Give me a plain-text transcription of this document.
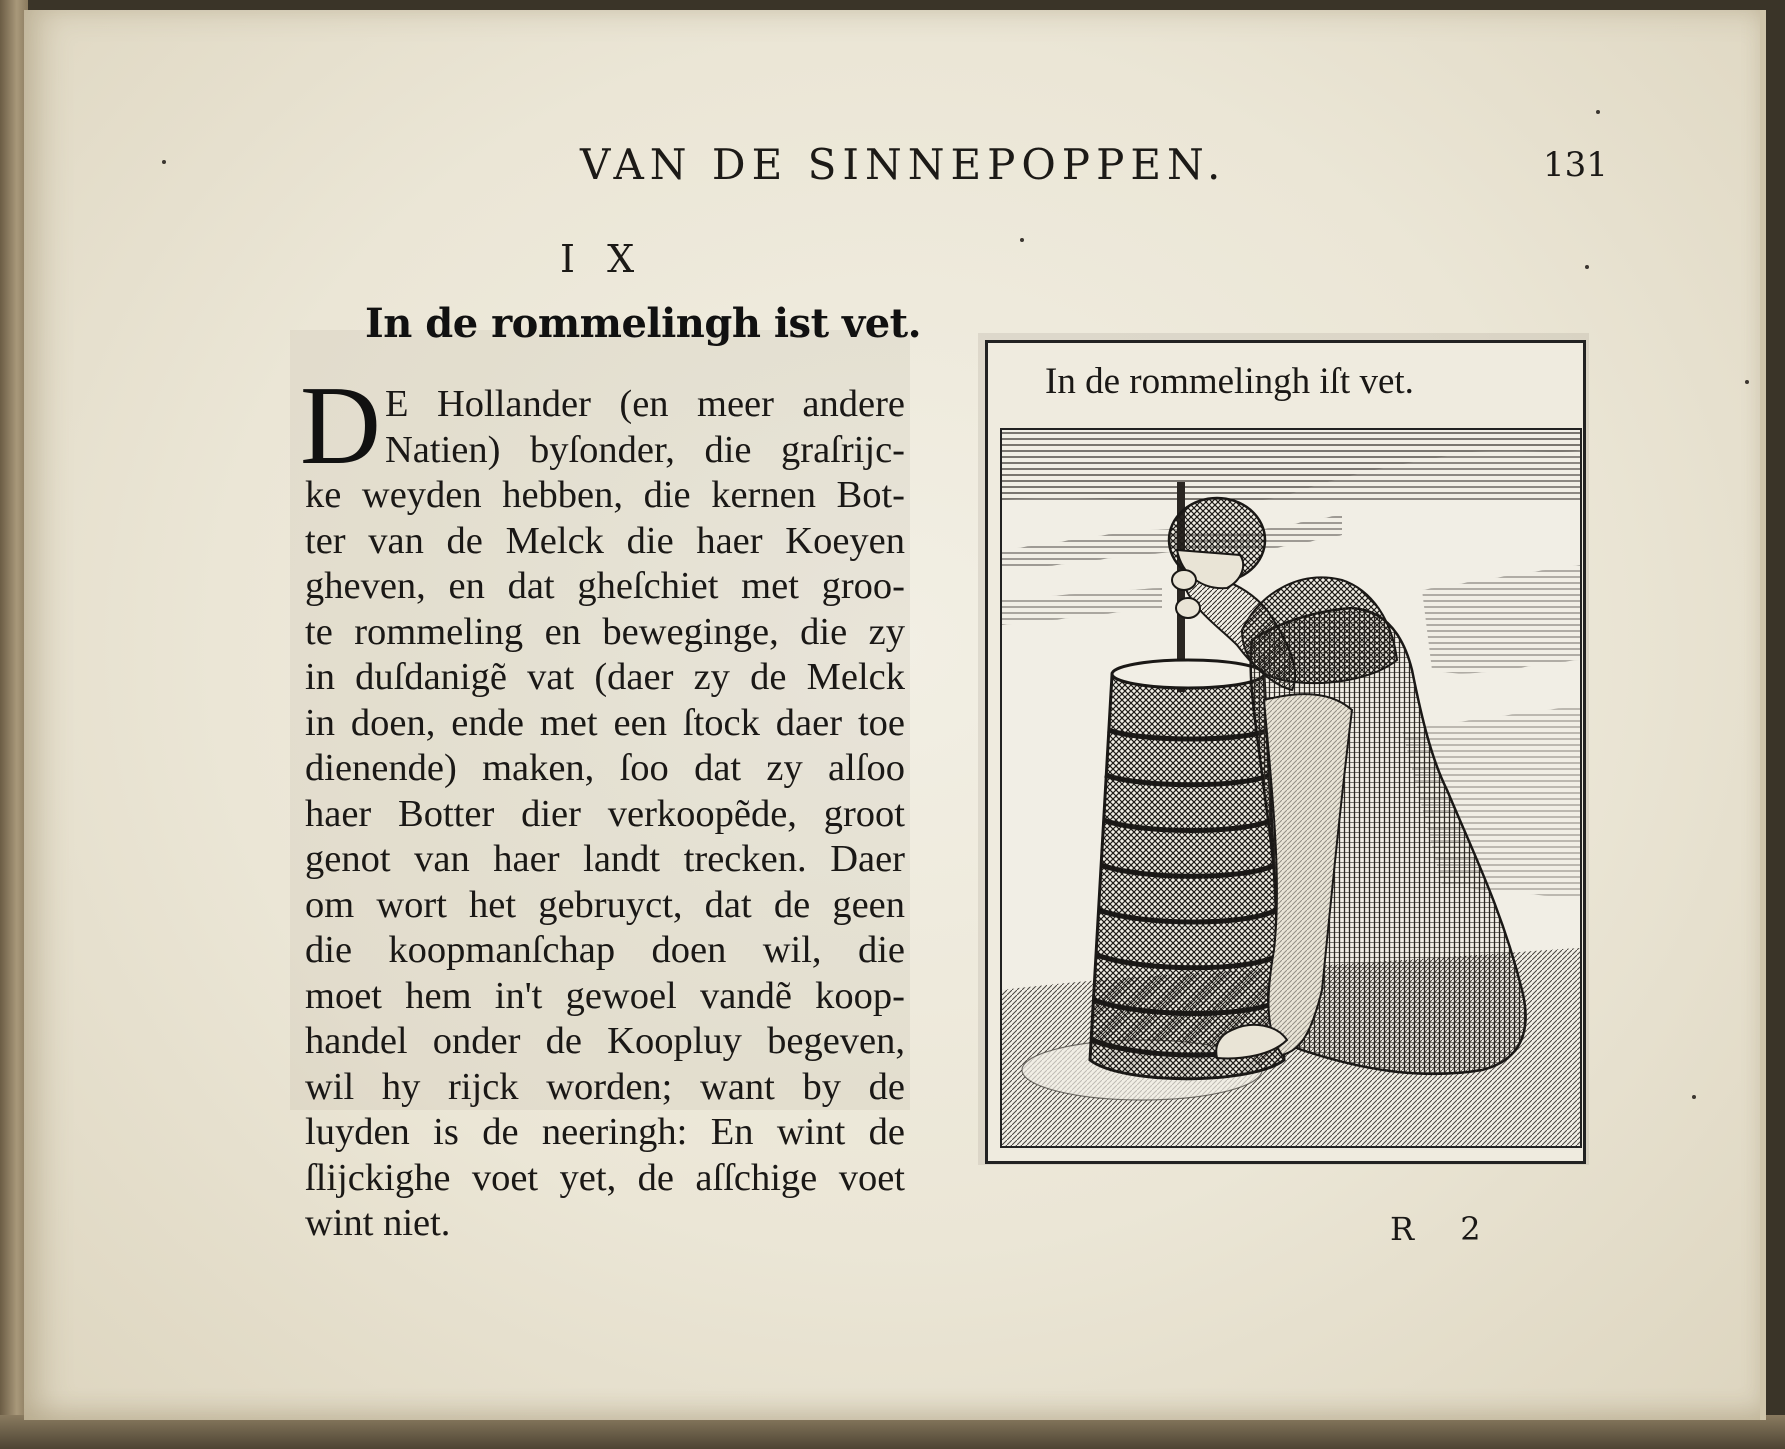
VAN DE SINNEPOPPEN.	131
I X
In de rommelingh ist vet.
D E Hollander (en meer andere
Natien) byſonder, die graſrijc-
ke weyden hebben, die kernen Bot-
ter van de Melck die haer Koeyen
gheven, en dat gheſchiet met groo-
te rommeling en beweginge, die zy
in duſdanigẽ vat (daer zy de Melck
in doen, ende met een ſtock daer toe
dienende) maken, ſoo dat zy alſoo
haer Botter dier verkoopẽde, groot
genot van haer landt trecken. Daer
om wort het gebruyct, dat de geen
die koopmanſchap doen wil, die
moet hem in't gewoel vandẽ koop-
handel onder de Koopluy begeven,
wil hy rijck worden; want by de
luyden is de neeringh: En wint de
ſlijckighe voet yet, de aſſchige voet
wint niet.
In de rommelingh iſt vet.
R 2
